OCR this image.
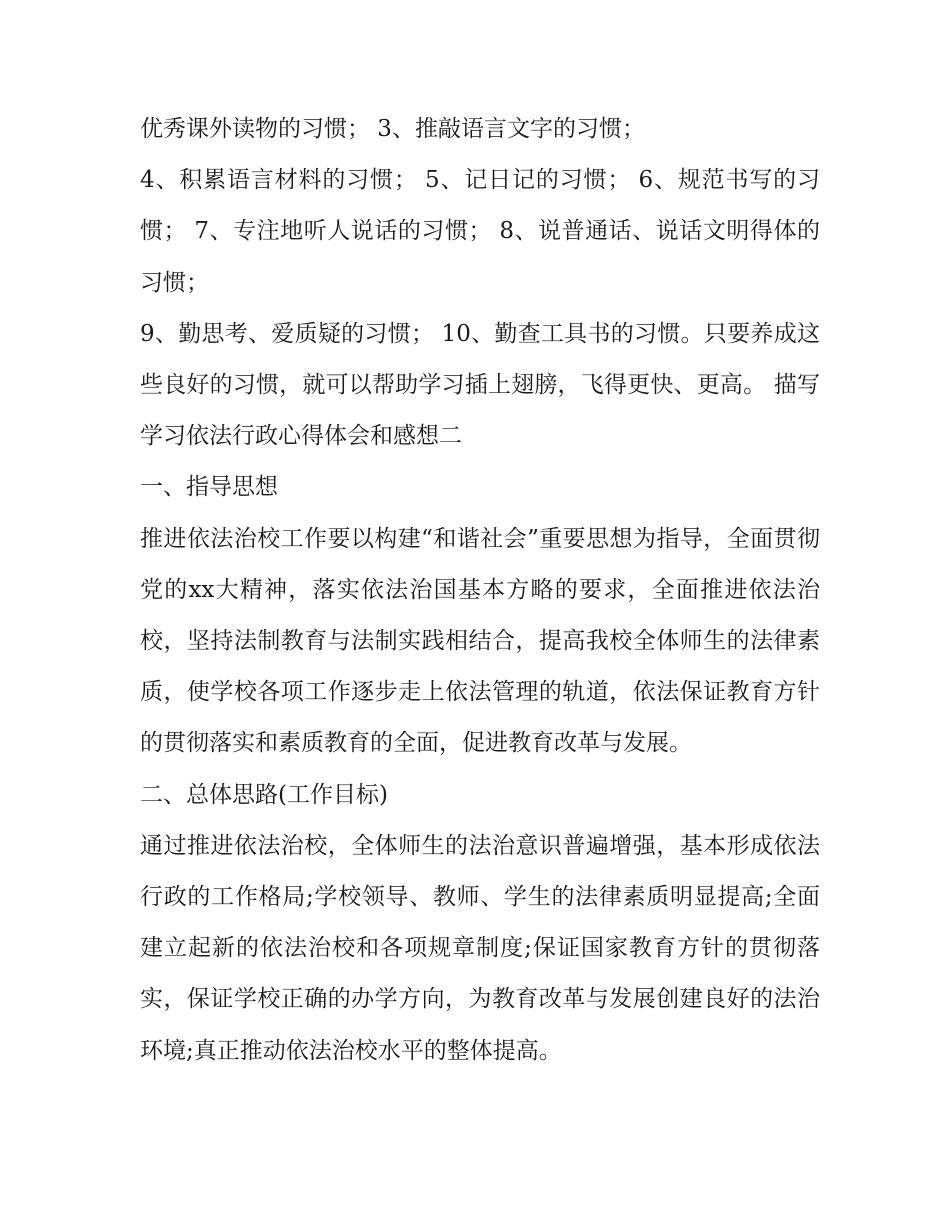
优秀课外读物的习惯； 3、推敲语言文字的习惯；

4、积累语言材料的习惯； 5、记日记的习惯； 6、规范书写的习惯； 7、专注地听人说话的习惯； 8、说普通话、说话文明得体的习惯；

9、勤思考、爱质疑的习惯； 10、勤查工具书的习惯。只要养成这些良好的习惯，就可以帮助学习插上翅膀，飞得更快、更高。 描写学习依法行政心得体会和感想二

一、指导思想

推进依法治校工作要以构建“和谐社会”重要思想为指导，全面贯彻党的xx大精神，落实依法治国基本方略的要求，全面推进依法治校，坚持法制教育与法制实践相结合，提高我校全体师生的法律素质，使学校各项工作逐步走上依法管理的轨道，依法保证教育方针的贯彻落实和素质教育的全面，促进教育改革与发展。

二、总体思路(工作目标)

通过推进依法治校，全体师生的法治意识普遍增强，基本形成依法行政的工作格局;学校领导、教师、学生的法律素质明显提高;全面建立起新的依法治校和各项规章制度;保证国家教育方针的贯彻落实，保证学校正确的办学方向，为教育改革与发展创建良好的法治环境;真正推动依法治校水平的整体提高。
